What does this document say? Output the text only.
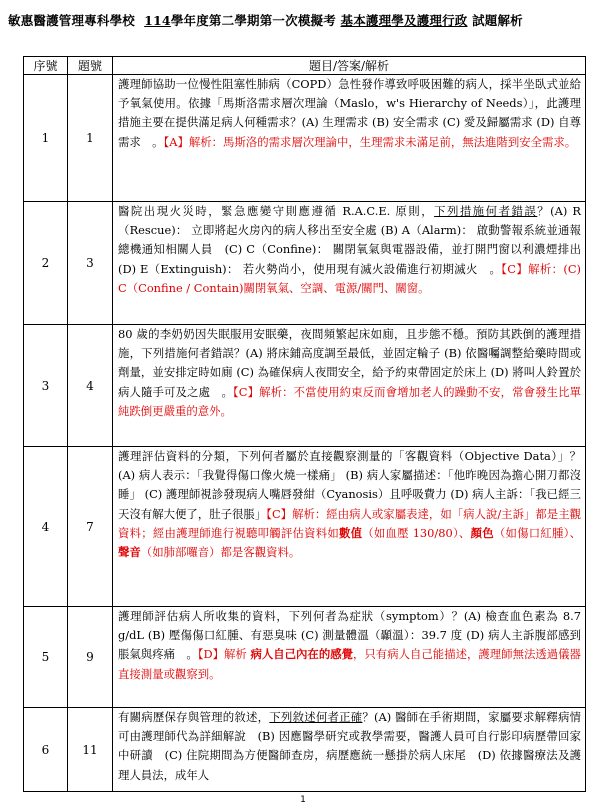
敏惠醫護管理專科學校 114學年度第二學期第一次模擬考 基本護理學及護理行政 試題解析
序號	題號	題目/答案/解析
1	1	護理師協助一位慢性阻塞性肺病（COPD）急性發作導致呼吸困難的病人，採半坐臥式並給予氧氣使用。依據「馬斯洛需求層次理論（Maslo，w's Hierarchy of Needs）」，此護理措施主要在提供滿足病人何種需求？(A) 生理需求 (B) 安全需求 (C) 愛及歸屬需求 (D) 自尊需求　。【A】解析：馬斯洛的需求層次理論中，生理需求未滿足前，無法進階到安全需求。
2	3	醫院出現火災時，緊急應變守則應遵循 R.A.C.E. 原則，下列措施何者錯誤？(A) R（Rescue)： 立即將起火房內的病人移出至安全處 (B) A（Alarm)： 啟動警報系統並通報總機通知相關人員　(C) C（Confine)： 關閉氧氣與電器設備，並打開門窗以利濃煙排出　(D) E（Extinguish)： 若火勢尚小，使用現有滅火設備進行初期滅火　。【C】解析：(C) C（Confine / Contain)關閉氧氣、空調、電源/關門、關窗。
3	4	80 歲的李奶奶因失眠服用安眠藥，夜間頻繁起床如廁，且步態不穩。預防其跌倒的護理措施，下列措施何者錯誤？(A) 將床鋪高度調至最低，並固定輪子 (B) 依醫囑調整給藥時間或劑量，並安排定時如廁 (C) 為確保病人夜間安全，給予約束帶固定於床上 (D) 將叫人鈴置於病人隨手可及之處　。【C】解析：不當使用約束反而會增加老人的躁動不安，常會發生比單純跌倒更嚴重的意外。
4	7	護理評估資料的分類，下列何者屬於直接觀察測量的「客觀資料（Objective Data）」？ (A) 病人表示：「我覺得傷口像火燒一樣痛」 (B) 病人家屬描述：「他昨晚因為擔心開刀都沒睡」 (C) 護理師視診發現病人嘴唇發紺（Cyanosis）且呼吸費力 (D) 病人主訴：「我已經三天沒有解大便了，肚子很脹」【C】解析：經由病人或家屬表達，如「病人說/主訴」都是主觀資料；經由護理師進行視聽叩觸評估資料如數值（如血壓 130/80）、顏色（如傷口紅腫）、聲音（如肺部囉音）都是客觀資料。
5	9	護理師評估病人所收集的資料，下列何者為症狀（symptom）？(A) 檢查血色素為 8.7 g/dL (B) 壓傷傷口紅腫、有惡臭味 (C) 測量體溫（顳溫）：39.7 度 (D) 病人主訴腹部感到脹氣與疼痛　。【D】解析 病人自己內在的感覺，只有病人自己能描述，護理師無法透過儀器直接測量或觀察到。
6	11	有關病歷保存與管理的敘述，下列敘述何者正確？(A) 醫師在手術期間，家屬要求解釋病情可由護理師代為詳細解說　(B) 因應醫學研究或教學需要，醫護人員可自行影印病歷帶回家中研讀　(C) 住院期間為方便醫師查房，病歷應統一懸掛於病人床尾　(D) 依據醫療法及護理人員法，成年人
1
